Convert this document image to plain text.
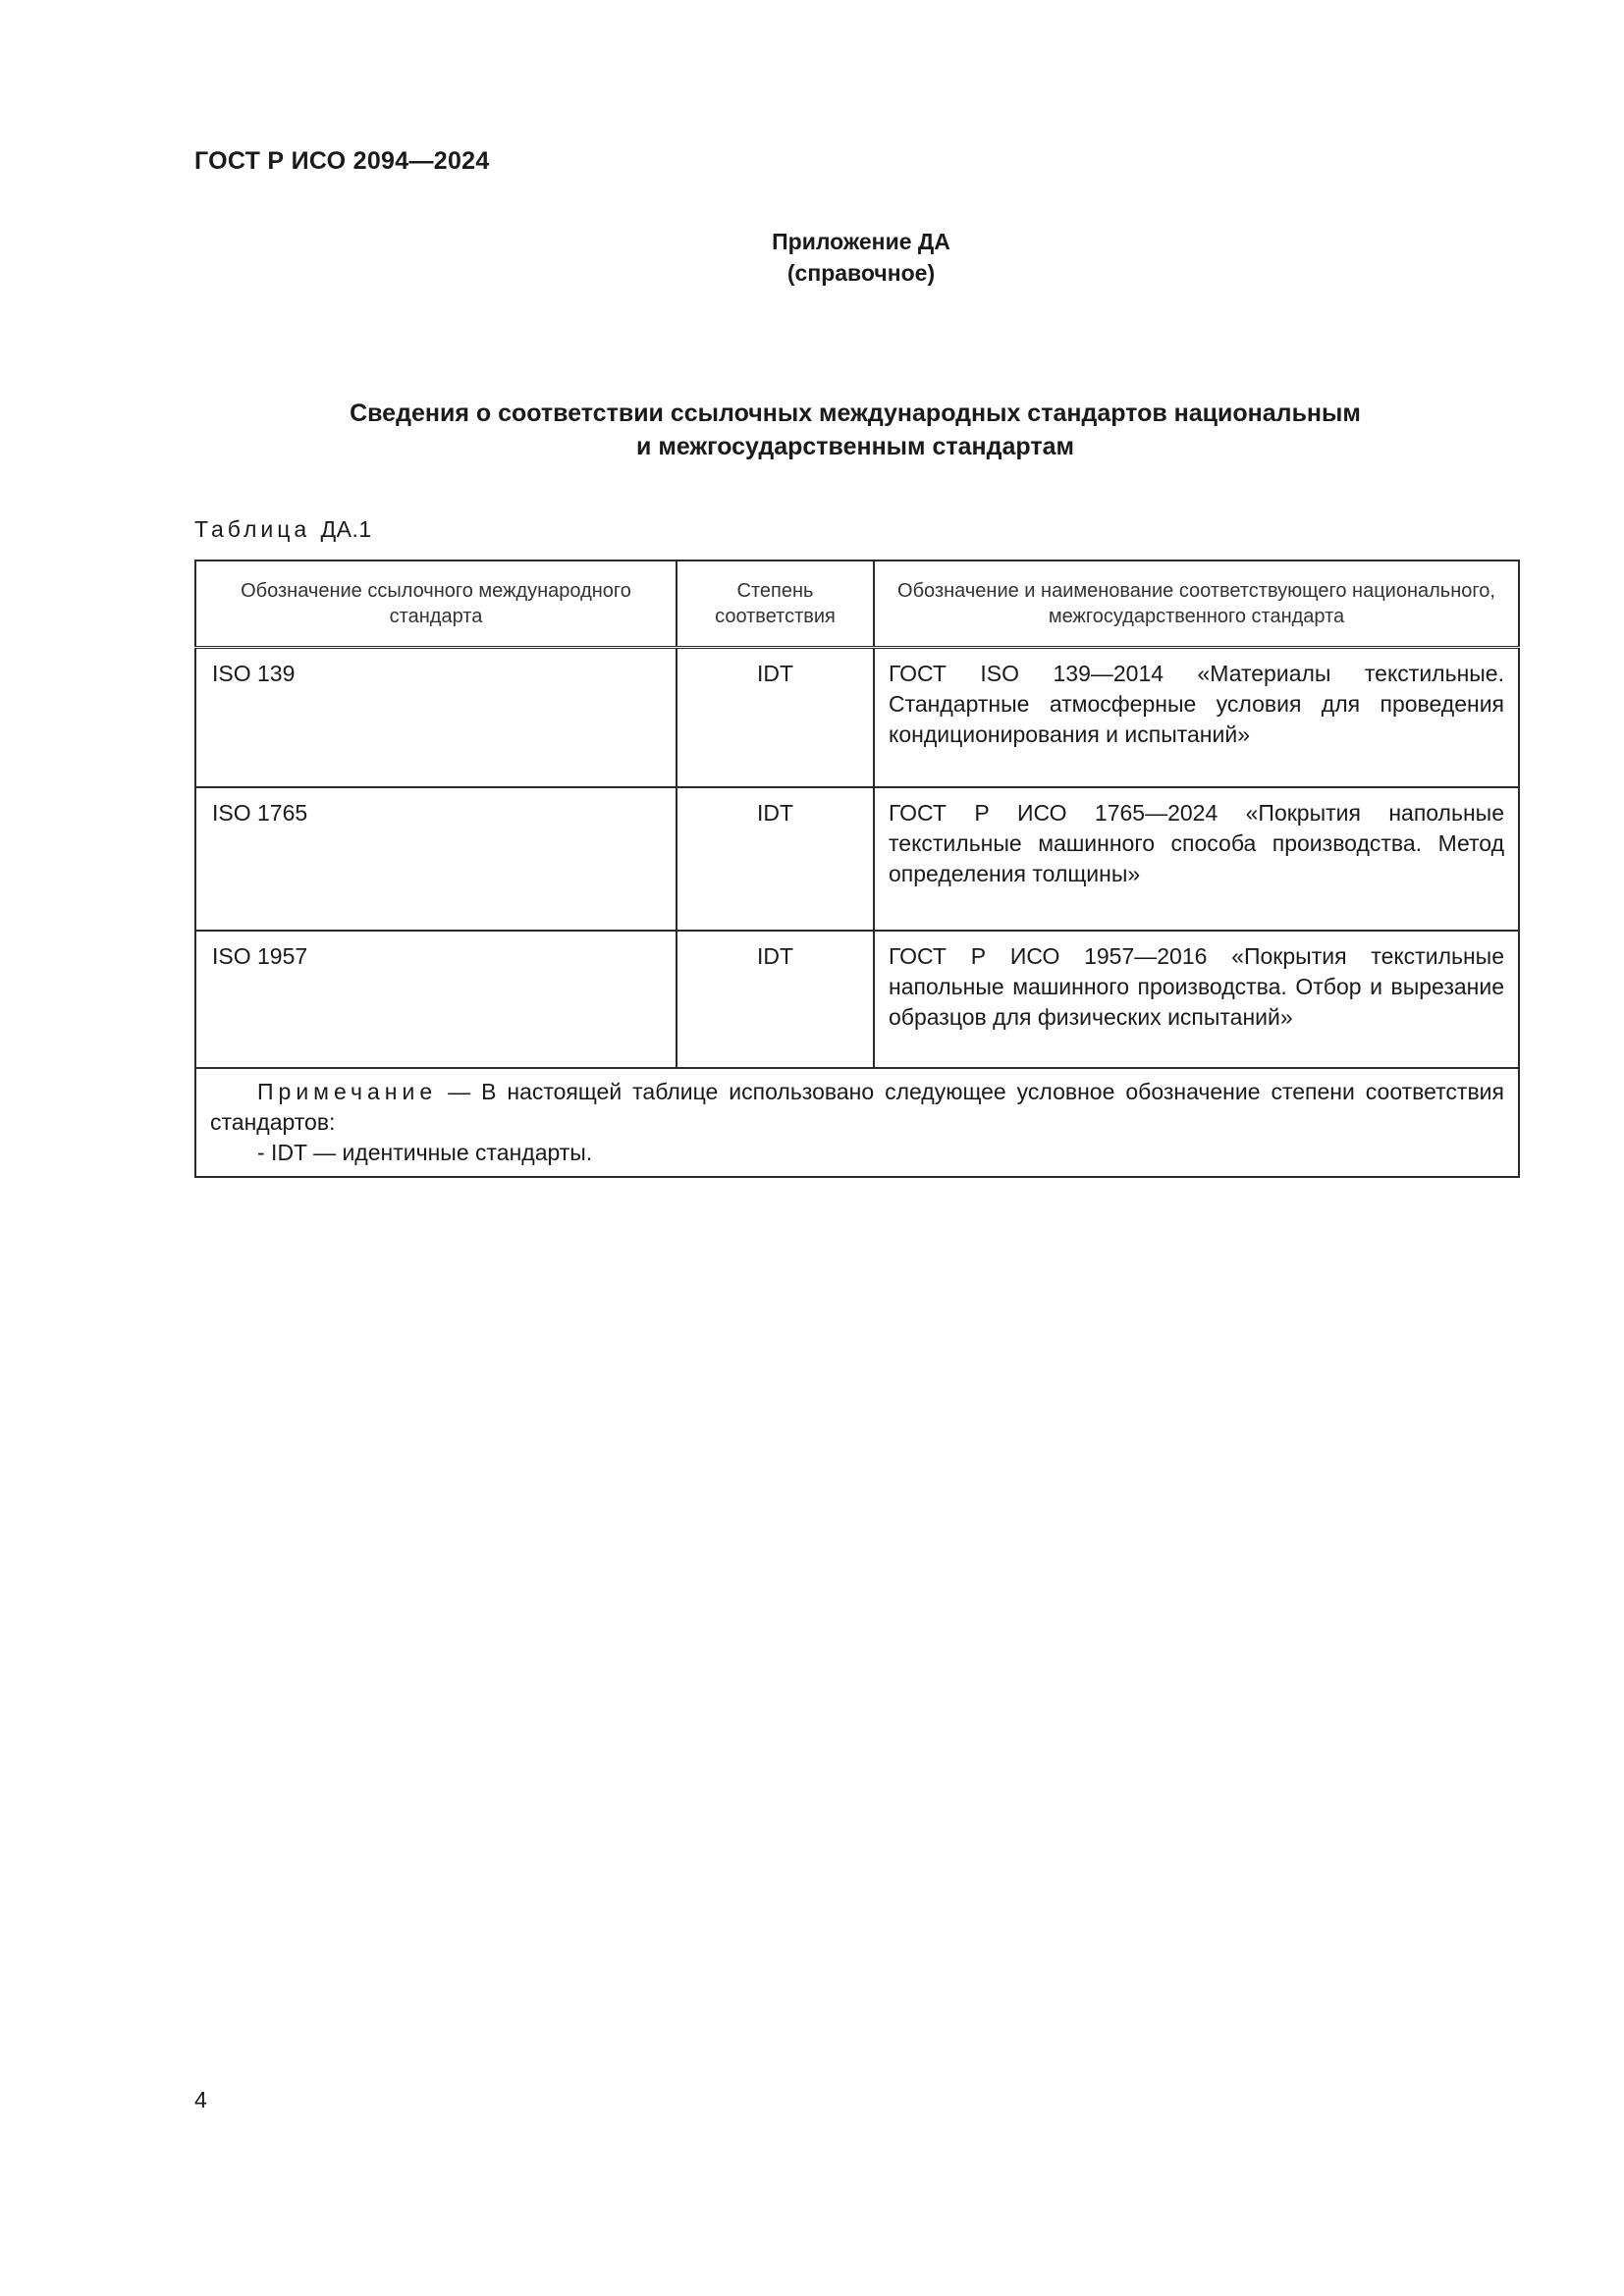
ГОСТ Р ИСО 2094—2024
Приложение ДА
(справочное)
Сведения о соответствии ссылочных международных стандартов национальным
и межгосударственным стандартам
Таблица ДА.1
Обозначение ссылочного международного стандарта	Степень соответствия	Обозначение и наименование соответствующего национального, межгосударственного стандарта
ISO 139	IDT	ГОСТ ISO 139—2014 «Материалы текстильные. Стандартные атмосферные условия для проведения кондиционирования и испытаний»
ISO 1765	IDT	ГОСТ Р ИСО 1765—2024 «Покрытия напольные текстильные машинного способа производства. Метод определения толщины»
ISO 1957	IDT	ГОСТ Р ИСО 1957—2016 «Покрытия текстильные напольные машинного производства. Отбор и вырезание образцов для физических испытаний»

Примечание — В настоящей таблице использовано следующее условное обозначение степени соответствия стандартов:
- IDT — идентичные стандарты.		
4
